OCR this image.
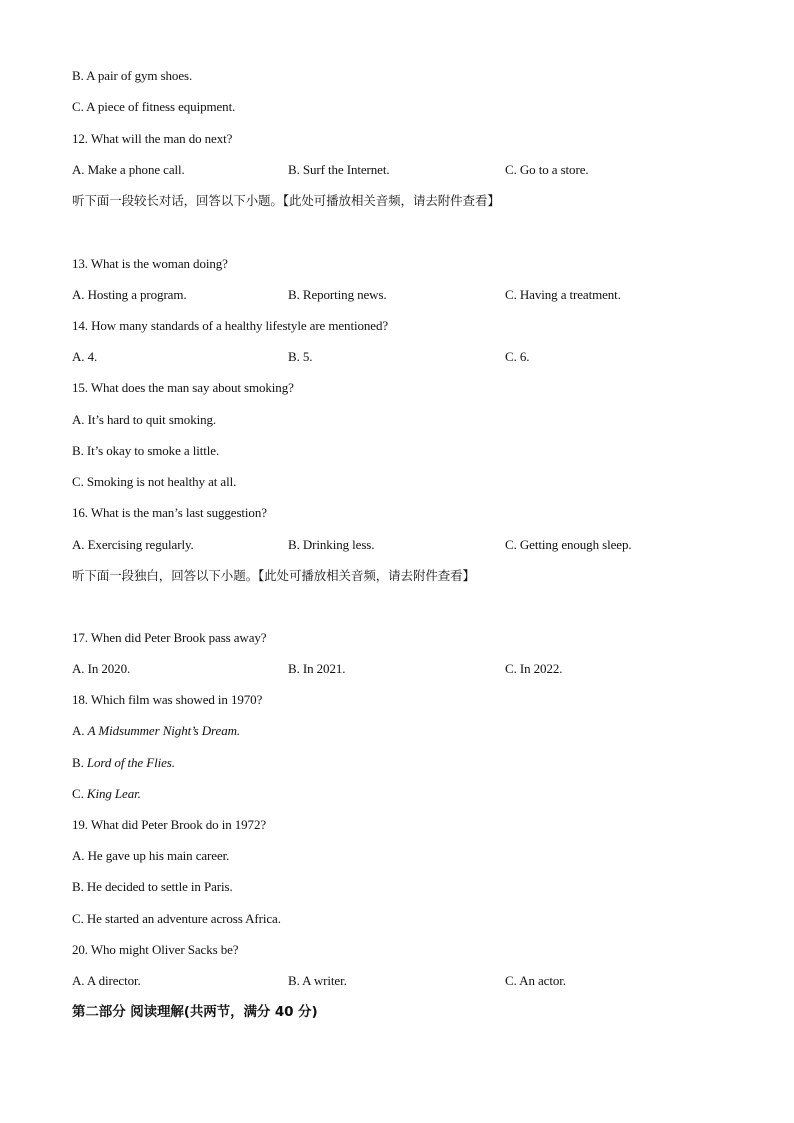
B. A pair of gym shoes.
C. A piece of fitness equipment.
12. What will the man do next?
A. Make a phone call.	B. Surf the Internet.	C. Go to a store.
听下面一段较长对话，回答以下小题。【此处可播放相关音频，请去附件查看】
13. What is the woman doing?
A. Hosting a program.	B. Reporting news.	C. Having a treatment.
14. How many standards of a healthy lifestyle are mentioned?
A. 4.	B. 5.	C. 6.
15. What does the man say about smoking?
A. It’s hard to quit smoking.
B. It’s okay to smoke a little.
C. Smoking is not healthy at all.
16. What is the man’s last suggestion?
A. Exercising regularly.	B. Drinking less.	C. Getting enough sleep.
听下面一段独白，回答以下小题。【此处可播放相关音频，请去附件查看】
17. When did Peter Brook pass away?
A. In 2020.	B. In 2021.	C. In 2022.
18. Which film was showed in 1970?
A. A Midsummer Night’s Dream.
B. Lord of the Flies.
C. King Lear.
19. What did Peter Brook do in 1972?
A. He gave up his main career.
B. He decided to settle in Paris.
C. He started an adventure across Africa.
20. Who might Oliver Sacks be?
A. A director.	B. A writer.	C. An actor.
第二部分 阅读理解(共两节，满分 40 分)
